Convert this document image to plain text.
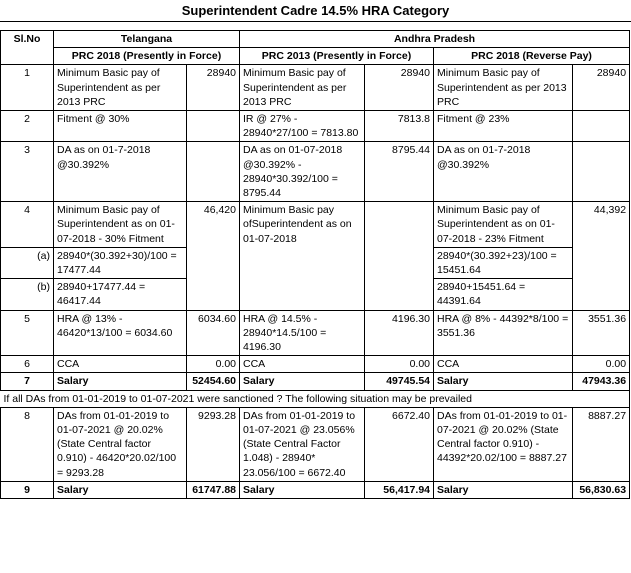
Superintendent Cadre 14.5% HRA Category
Sl.No	Telangana		Andhra Pradesh			
	PRC 2018 (Presently in Force)		PRC 2013 (Presently in Force)		PRC 2018 (Reverse Pay)	
1	Minimum Basic pay of Superintendent as per 2013 PRC	28940	Minimum Basic pay of Superintendent as per 2013 PRC	28940	Minimum Basic pay of Superintendent as per 2013 PRC	28940
2	Fitment @ 30%		IR @ 27% - 28940*27/100 = 7813.80	7813.8	Fitment @ 23%	
3	DA as on 01-7-2018 @30.392%		DA as on 01-07-2018 @30.392% - 28940*30.392/100 = 8795.44	8795.44	DA as on 01-7-2018 @30.392%	
4	Minimum Basic pay of Superintendent as on 01-07-2018 - 30% Fitment	46,420	Minimum Basic pay ofSuperintendent as on 01-07-2018		Minimum Basic pay of Superintendent as on 01-07-2018 - 23% Fitment	44,392
(a)	28940*(30.392+30)/100 = 17477.44				28940*(30.392+23)/100 = 15451.64	
(b)	28940+17477.44 = 46417.44				28940+15451.64 = 44391.64	
5	HRA @ 13% - 46420*13/100 = 6034.60	6034.60	HRA @ 14.5% - 28940*14.5/100 = 4196.30	4196.30	HRA @ 8% - 44392*8/100 = 3551.36	3551.36
6	CCA	0.00	CCA	0.00	CCA	0.00
7	Salary	52454.60	Salary	49745.54	Salary	47943.36
If all DAs from 01-01-2019 to 01-07-2021 were sanctioned ? The following situation may be prevailed						
8	DAs from 01-01-2019 to 01-07-2021 @ 20.02% (State Central factor 0.910) - 46420*20.02/100 = 9293.28	9293.28	DAs from 01-01-2019 to 01-07-2021 @ 23.056% (State Central Factor 1.048) - 28940* 23.056/100 = 6672.40	6672.40	DAs from 01-01-2019 to 01-07-2021 @ 20.02% (State Central factor 0.910) - 44392*20.02/100 = 8887.27	8887.27
9	Salary	61747.88	Salary	56,417.94	Salary	56,830.63
